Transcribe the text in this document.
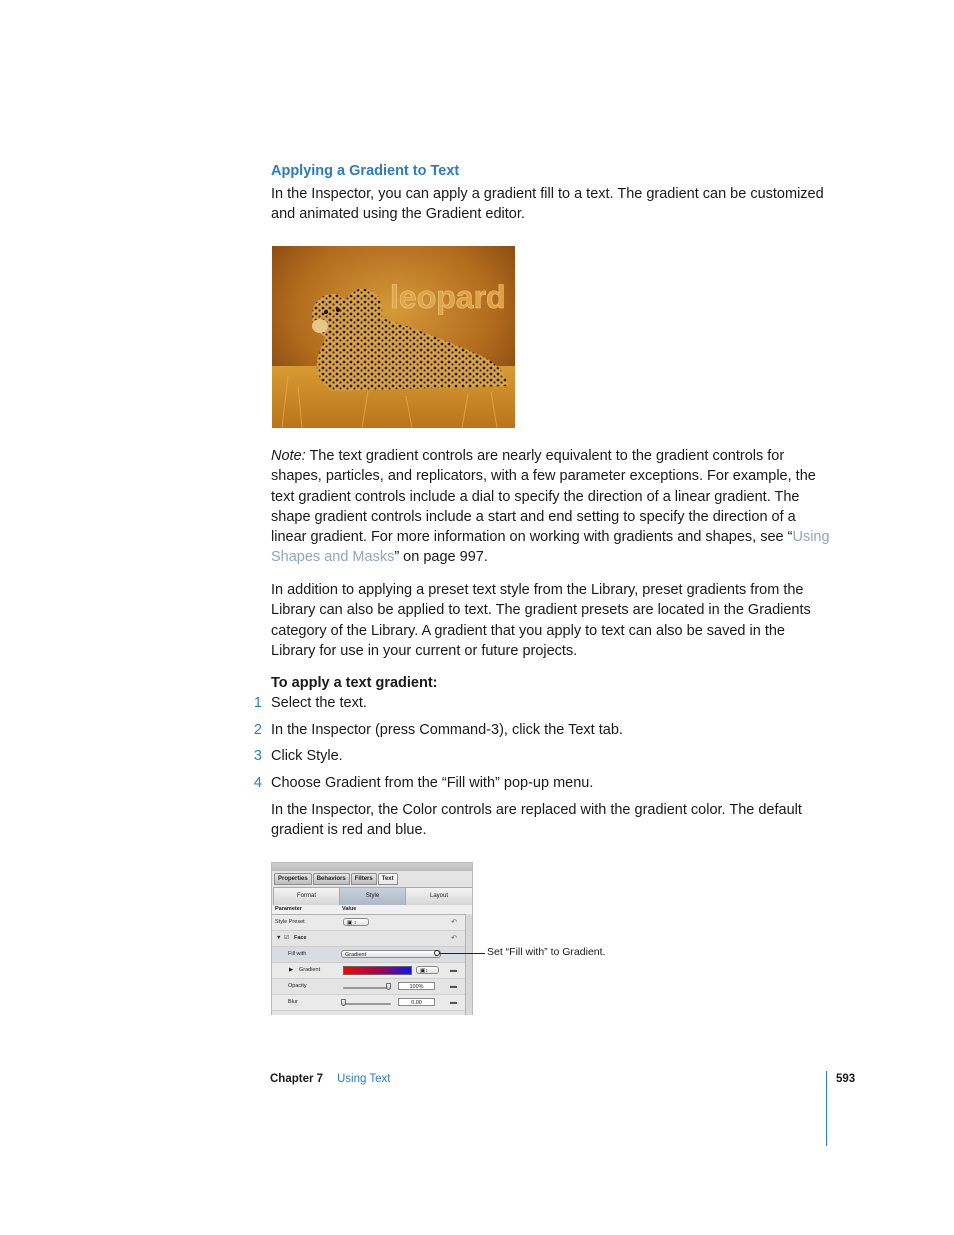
Applying a Gradient to Text
In the Inspector, you can apply a gradient fill to a text. The gradient can be customized and animated using the Gradient editor.
leopard
Note: The text gradient controls are nearly equivalent to the gradient controls for shapes, particles, and replicators, with a few parameter exceptions. For example, the text gradient controls include a dial to specify the direction of a linear gradient. The shape gradient controls include a start and end setting to specify the direction of a linear gradient. For more information on working with gradients and shapes, see “Using Shapes and Masks” on page 997.
In addition to applying a preset text style from the Library, preset gradients from the Library can also be applied to text. The gradient presets are located in the Gradients category of the Library. A gradient that you apply to text can also be saved in the Library for use in your current or future projects.
To apply a text gradient:
1 Select the text.
2 In the Inspector (press Command-3), click the Text tab.
3 Click Style.
4 Choose Gradient from the “Fill with” pop-up menu.
In the Inspector, the Color controls are replaced with the gradient color. The default gradient is red and blue.
Properties	Behaviors	Filters	Text
Format	Style	Layout
Parameter	Value
Style Preset	▣ ↕	↶
▼ ☑ Face	↶
Fill with	Gradient
▶ Gradient	▣↕	▬
Opacity	100%	▬
Blur	0.00	▬
Set “Fill with” to Gradient.
Chapter 7 Using Text	593
